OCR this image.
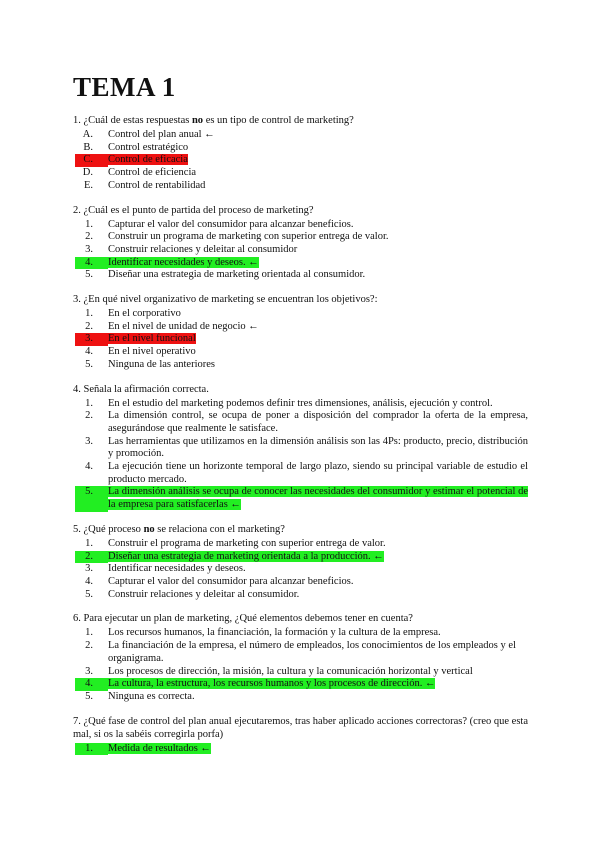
TEMA 1

1. ¿Cuál de estas respuestas no es un tipo de control de marketing?

A.	Control del plan anual ←
B.	Control estratégico
C.	Control de eficacia
D.	Control de eficiencia
E.	Control de rentabilidad

2. ¿Cuál es el punto de partida del proceso de marketing?

1.	Capturar el valor del consumidor para alcanzar beneficios.
2.	Construir un programa de marketing con superior entrega de valor.
3.	Construir relaciones y deleitar al consumidor
4.	Identificar necesidades y deseos. ←
5.	Diseñar una estrategia de marketing orientada al consumidor.

3. ¿En qué nivel organizativo de marketing se encuentran los objetivos?:

1.	En el corporativo
2.	En el nivel de unidad de negocio ←
3.	En el nivel funcional
4.	En el nivel operativo
5.	Ninguna de las anteriores

4. Señala la afirmación correcta.

1.	En el estudio del marketing podemos definir tres dimensiones, análisis, ejecución y control.
2.	La dimensión control, se ocupa de poner a disposición del comprador la oferta de la empresa, asegurándose que realmente le satisface.
3.	Las herramientas que utilizamos en la dimensión análisis son las 4Ps: producto, precio, distribución y promoción.
4.	La ejecución tiene un horizonte temporal de largo plazo, siendo su principal variable de estudio el producto mercado.
5.	La dimensión análisis se ocupa de conocer las necesidades del consumidor y estimar el potencial de la empresa para satisfacerlas ←

5. ¿Qué proceso no se relaciona con el marketing?

1.	Construir el programa de marketing con superior entrega de valor.
2.	Diseñar una estrategia de marketing orientada a la producción. ←
3.	Identificar necesidades y deseos.
4.	Capturar el valor del consumidor para alcanzar beneficios.
5.	Construir relaciones y deleitar al consumidor.

6. Para ejecutar un plan de marketing, ¿Qué elementos debemos tener en cuenta?

1.	Los recursos humanos, la financiación, la formación y la cultura de la empresa.
2.	La financiación de la empresa, el número de empleados, los conocimientos de los empleados y el organigrama.
3.	Los procesos de dirección, la misión, la cultura y la comunicación horizontal y vertical
4.	La cultura, la estructura, los recursos humanos y los procesos de dirección. ←
5.	Ninguna es correcta.

7. ¿Qué fase de control del plan anual ejecutaremos, tras haber aplicado acciones correctoras? (creo que esta mal, si os la sabéis corregirla porfa)

1.	Medida de resultados ←
